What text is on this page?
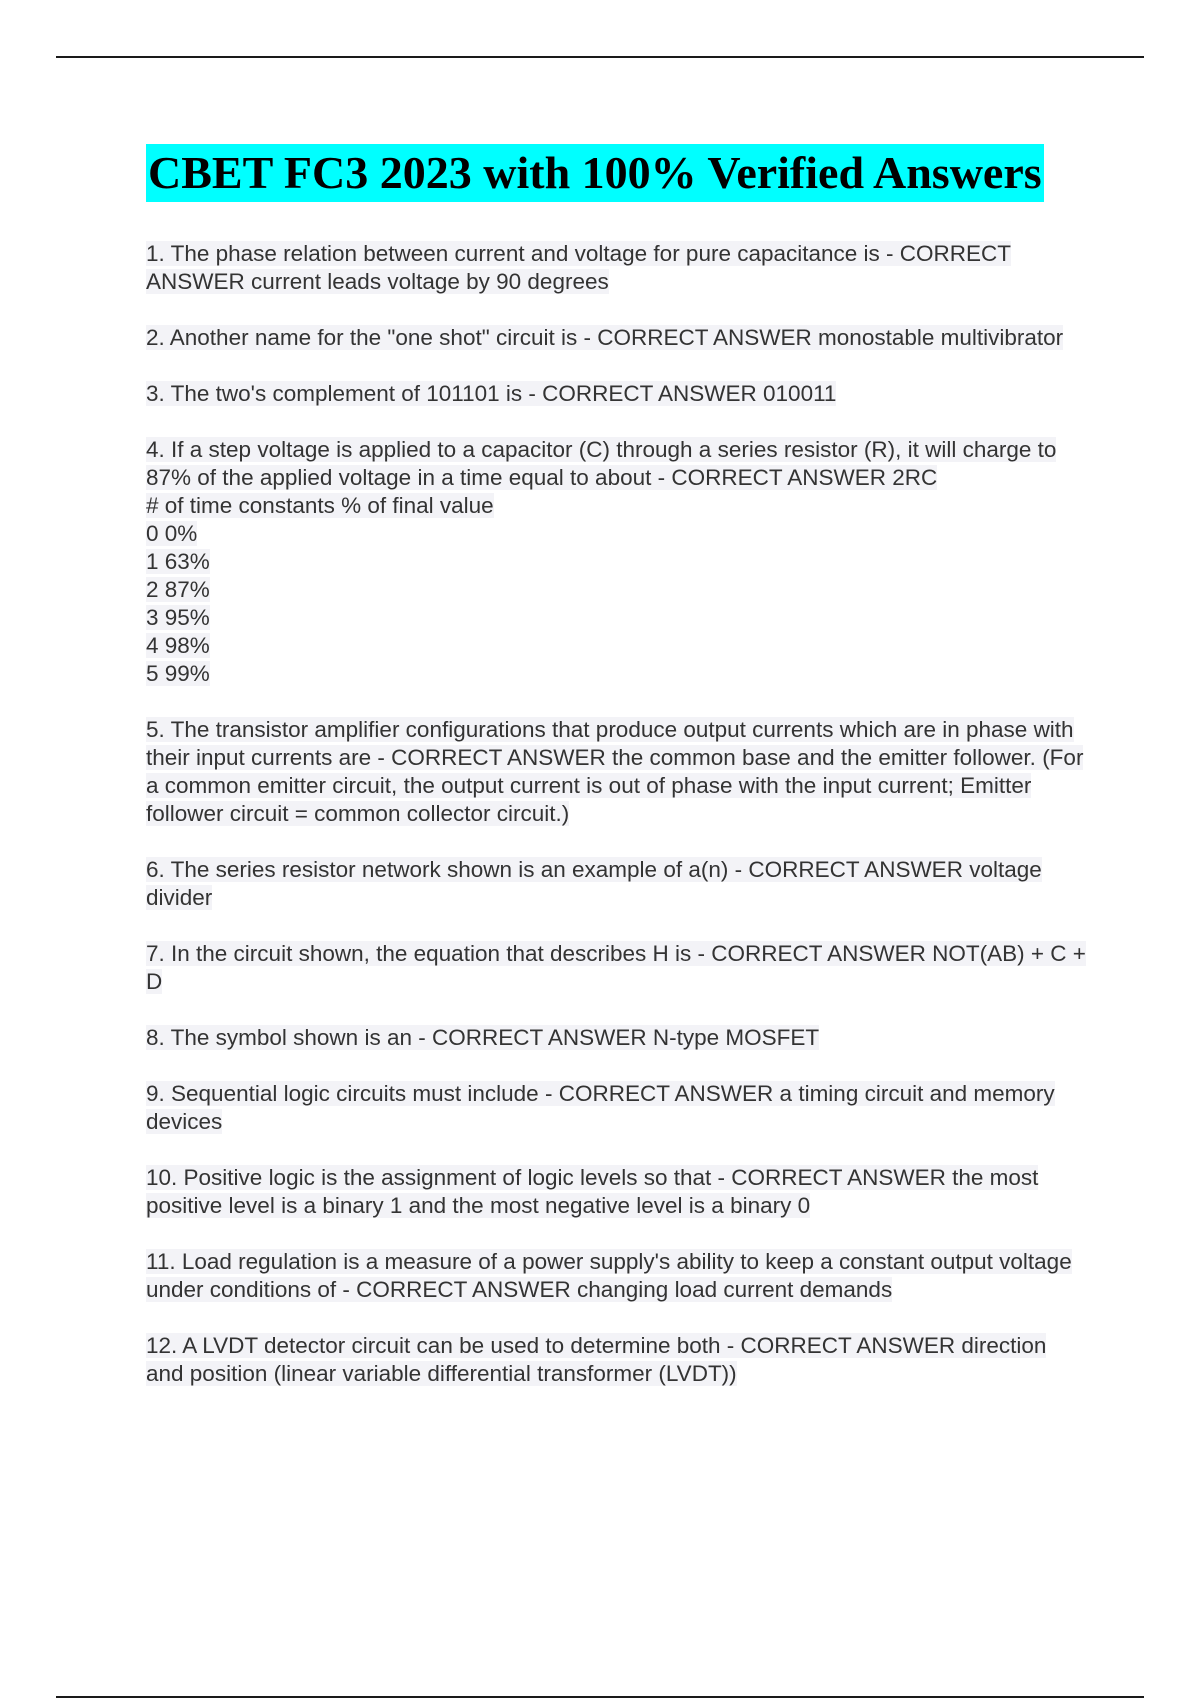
CBET FC3 2023 with 100% Verified Answers
1. The phase relation between current and voltage for pure capacitance is - CORRECT ANSWER current leads voltage by 90 degrees
2. Another name for the "one shot" circuit is - CORRECT ANSWER monostable multivibrator
3. The two's complement of 101101 is - CORRECT ANSWER 010011
4. If a step voltage is applied to a capacitor (C) through a series resistor (R), it will charge to 87% of the applied voltage in a time equal to about - CORRECT ANSWER 2RC
# of time constants % of final value
0 0%
1 63%
2 87%
3 95%
4 98%
5 99%
5. The transistor amplifier configurations that produce output currents which are in phase with their input currents are - CORRECT ANSWER the common base and the emitter follower. (For a common emitter circuit, the output current is out of phase with the input current; Emitter follower circuit = common collector circuit.)
6. The series resistor network shown is an example of a(n) - CORRECT ANSWER voltage divider
7. In the circuit shown, the equation that describes H is - CORRECT ANSWER NOT(AB) + C + D
8. The symbol shown is an - CORRECT ANSWER N-type MOSFET
9. Sequential logic circuits must include - CORRECT ANSWER a timing circuit and memory devices
10. Positive logic is the assignment of logic levels so that - CORRECT ANSWER the most positive level is a binary 1 and the most negative level is a binary 0
11. Load regulation is a measure of a power supply's ability to keep a constant output voltage under conditions of - CORRECT ANSWER changing load current demands
12. A LVDT detector circuit can be used to determine both - CORRECT ANSWER direction and position (linear variable differential transformer (LVDT))
